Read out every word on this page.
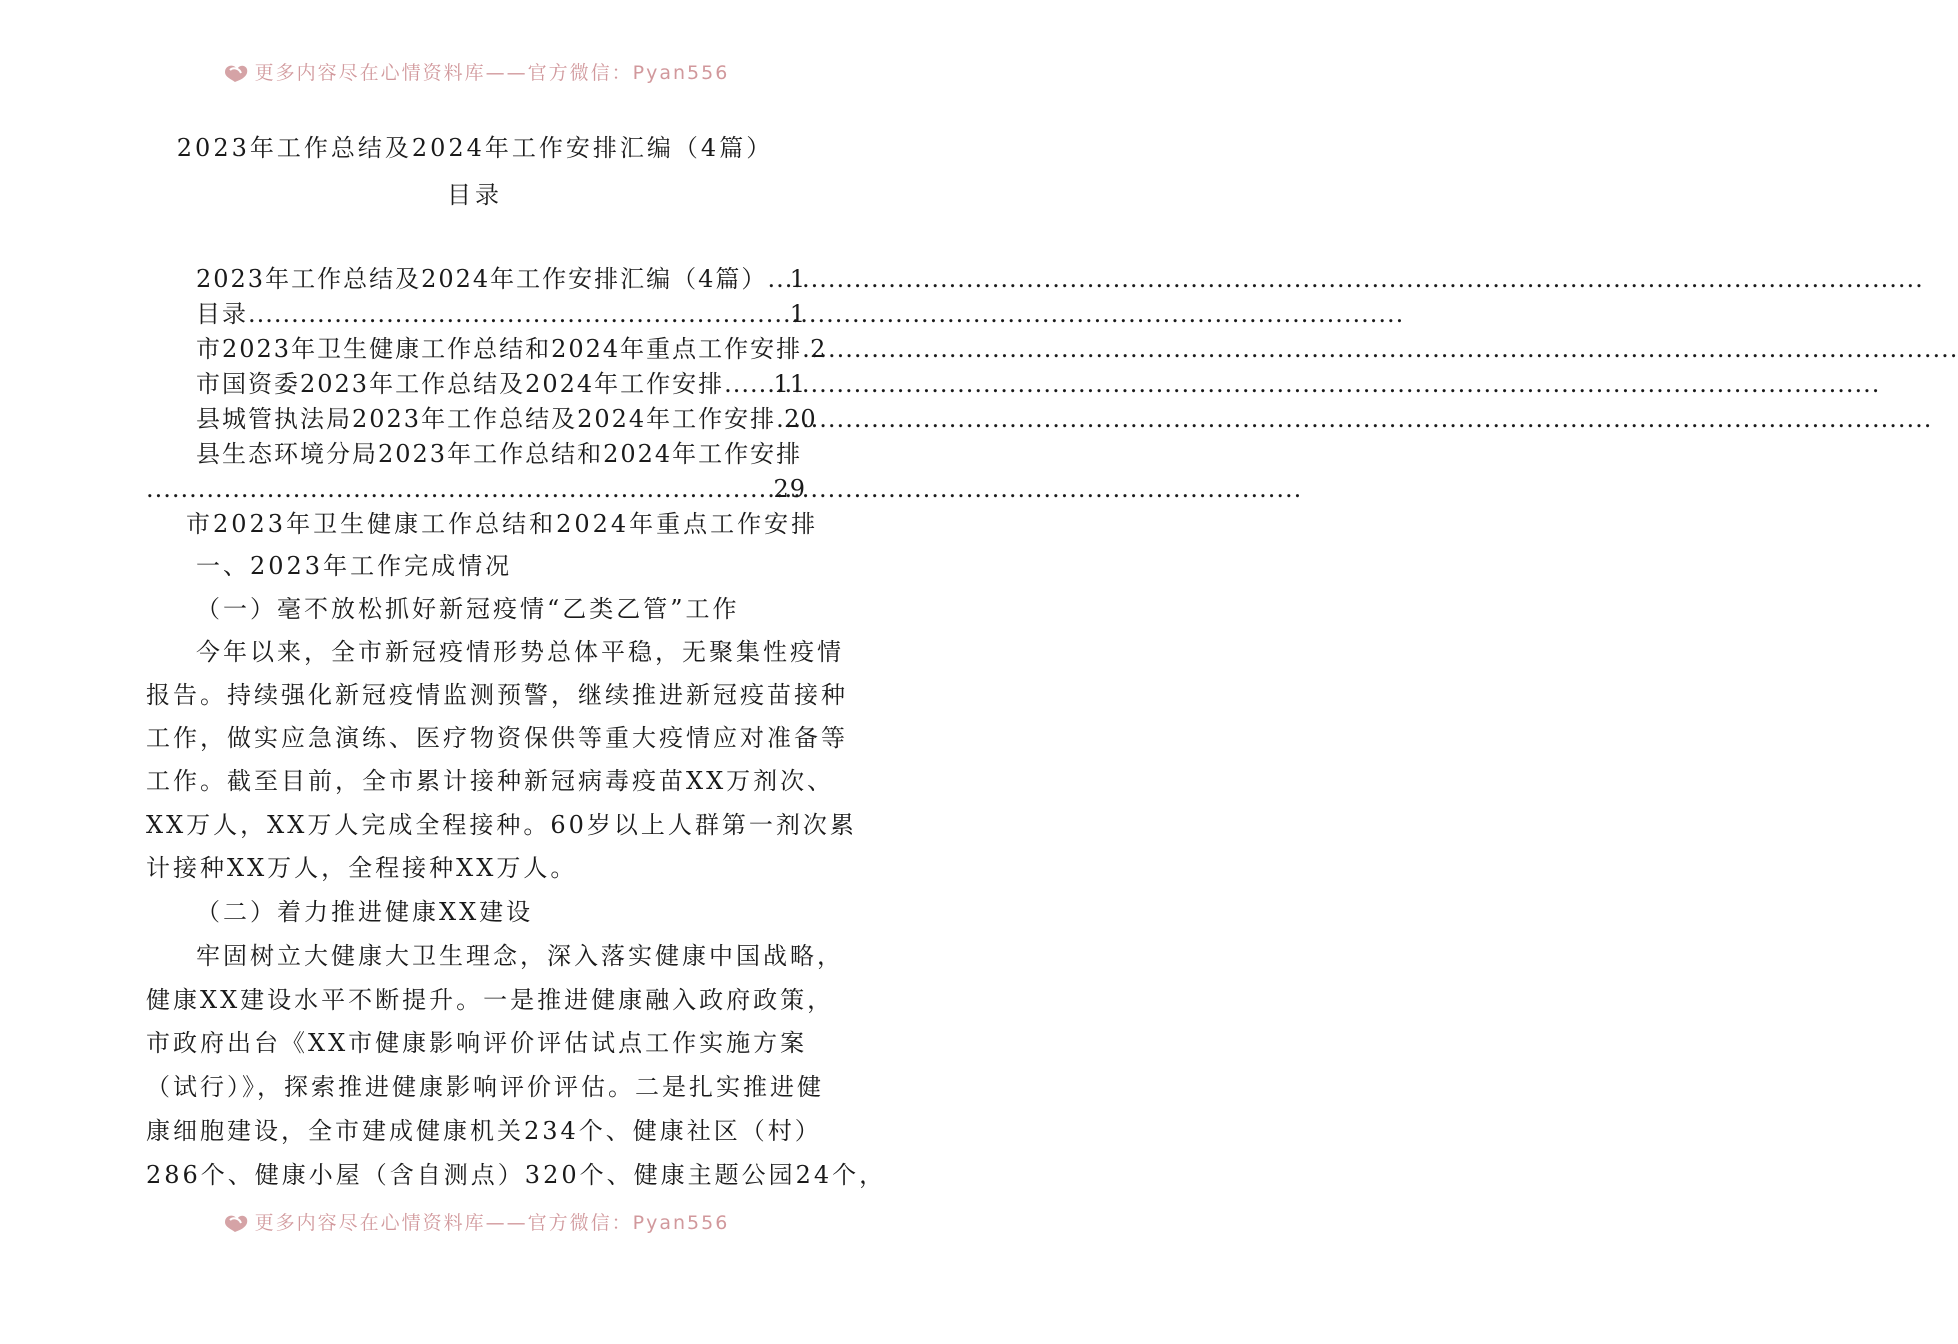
更多内容尽在心情资料库——官方微信：Pyan556
2023年工作总结及2024年工作安排汇编（4篇）
目录
2023年工作总结及2024年工作安排汇编（4篇） ..... 1
目录 .....	1
市2023年卫生健康工作总结和2024年重点工作安排 ..... 2
市国资委2023年工作总结及2024年工作安排 ..... 11
县城管执法局2023年工作总结及2024年工作安排 ..... 20
县生态环境分局2023年工作总结和2024年工作安排
.....
29
市2023年卫生健康工作总结和2024年重点工作安排
一、2023年工作完成情况
（一）毫不放松抓好新冠疫情“乙类乙管”工作
今年以来，全市新冠疫情形势总体平稳，无聚集性疫情
报告。持续强化新冠疫情监测预警，继续推进新冠疫苗接种
工作，做实应急演练、医疗物资保供等重大疫情应对准备等
工作。截至目前，全市累计接种新冠病毒疫苗XX万剂次、
XX万人，XX万人完成全程接种。60岁以上人群第一剂次累
计接种XX万人，全程接种XX万人。
（二）着力推进健康XX建设
牢固树立大健康大卫生理念，深入落实健康中国战略，
健康XX建设水平不断提升。一是推进健康融入政府政策，
市政府出台《XX市健康影响评价评估试点工作实施方案
（试行）》，探索推进健康影响评价评估。二是扎实推进健
康细胞建设，全市建成健康机关234个、健康社区（村）
286个、健康小屋（含自测点）320个、健康主题公园24个，
更多内容尽在心情资料库——官方微信：Pyan556
